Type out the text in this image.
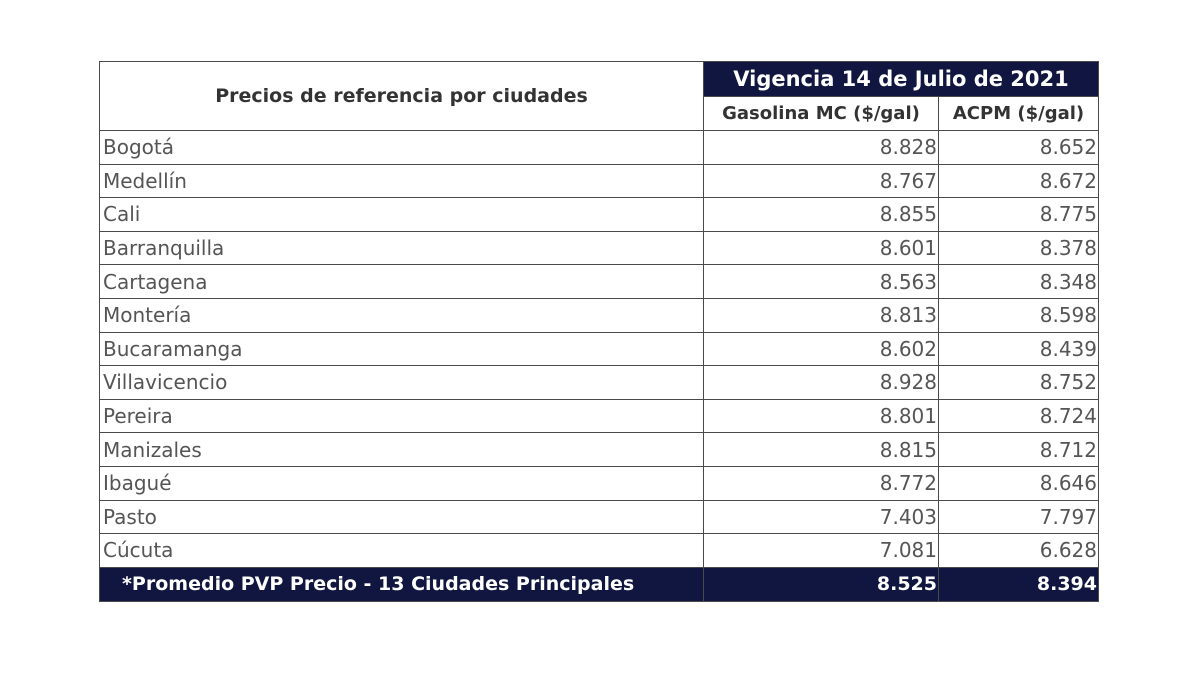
Precios de referencia por ciudades	Vigencia 14 de Julio de 2021	
	Gasolina MC ($/gal)	ACPM ($/gal)
Bogotá	8.828	8.652
Medellín	8.767	8.672
Cali	8.855	8.775
Barranquilla	8.601	8.378
Cartagena	8.563	8.348
Montería	8.813	8.598
Bucaramanga	8.602	8.439
Villavicencio	8.928	8.752
Pereira	8.801	8.724
Manizales	8.815	8.712
Ibagué	8.772	8.646
Pasto	7.403	7.797
Cúcuta	7.081	6.628
*Promedio PVP Precio - 13 Ciudades Principales	8.525	8.394
